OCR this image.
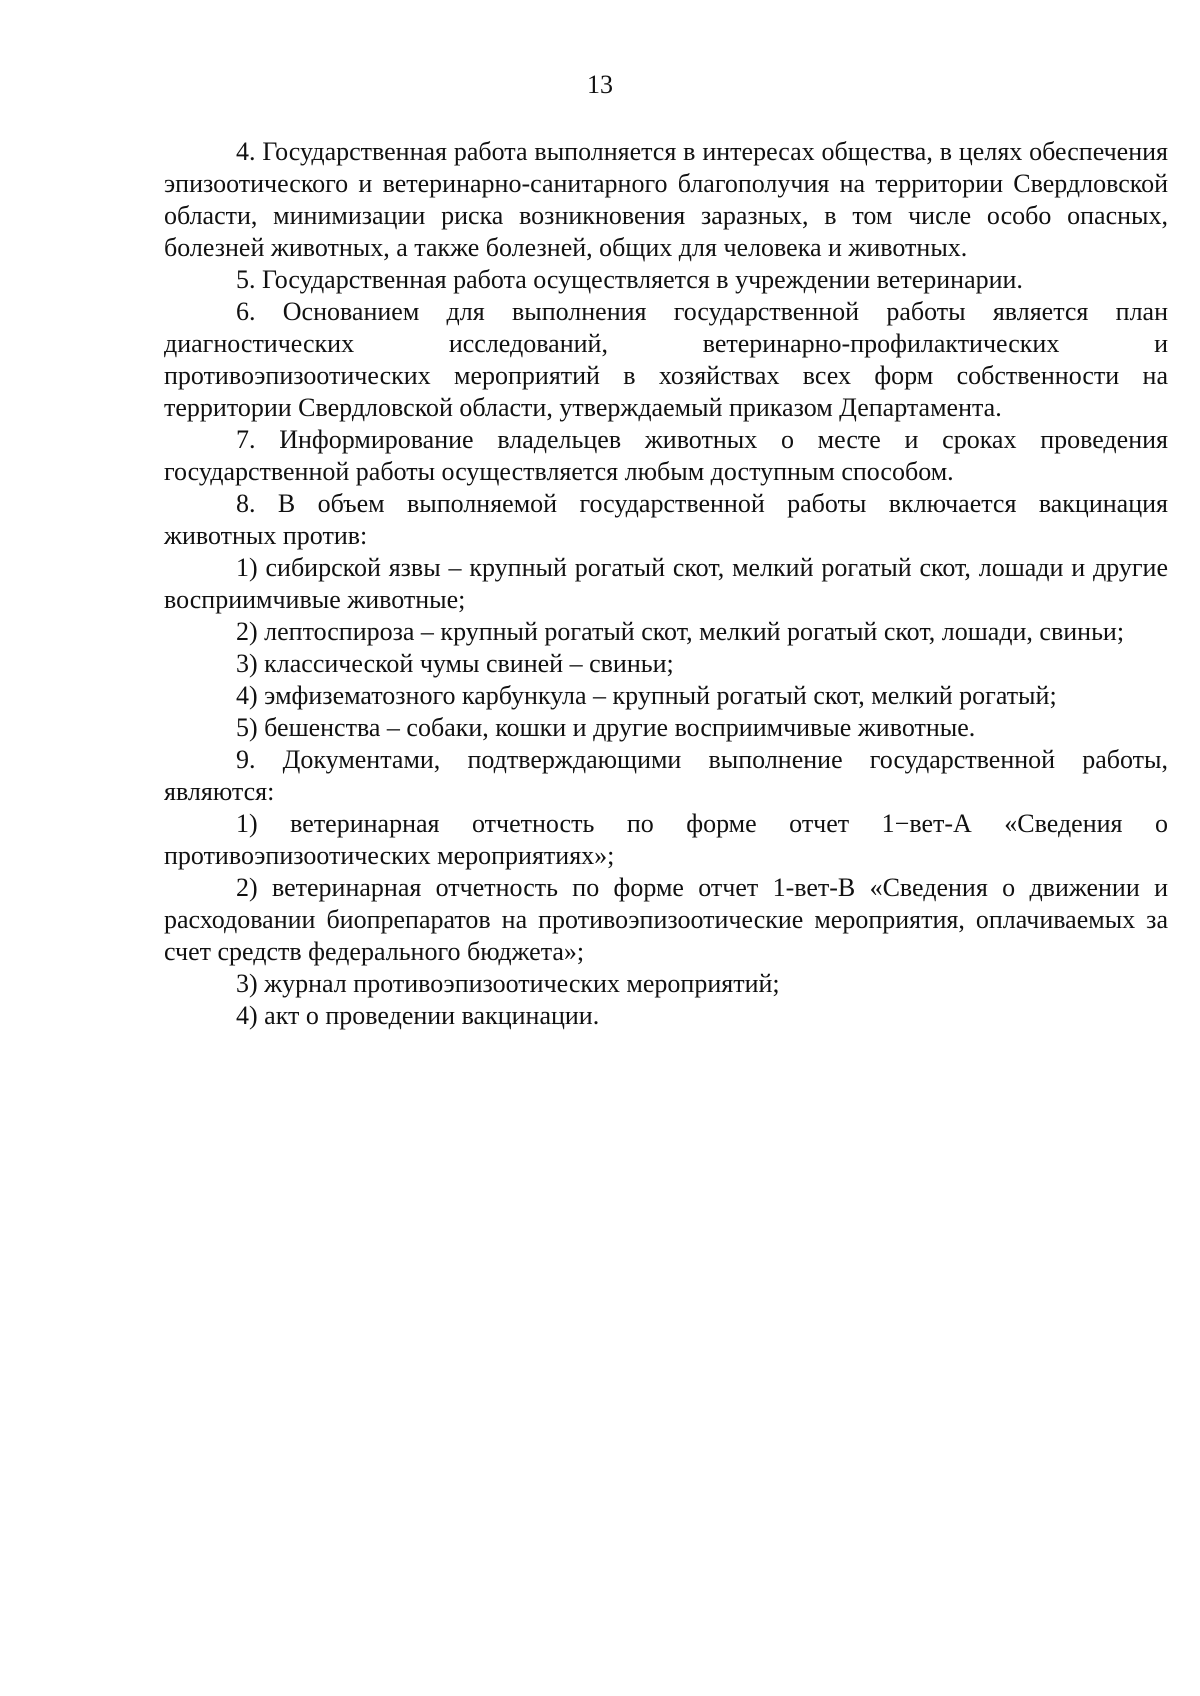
13

4. Государственная работа выполняется в интересах общества, в целях обеспечения эпизоотического и ветеринарно-санитарного благополучия на территории Свердловской области, минимизации риска возникновения заразных, в том числе особо опасных, болезней животных, а также болезней, общих для человека и животных.

5. Государственная работа осуществляется в учреждении ветеринарии.

6. Основанием для выполнения государственной работы является план диагностических исследований, ветеринарно-профилактических и противоэпизоотических мероприятий в хозяйствах всех форм собственности на территории Свердловской области, утверждаемый приказом Департамента.

7. Информирование владельцев животных о месте и сроках проведения государственной работы осуществляется любым доступным способом.

8. В объем выполняемой государственной работы включается вакцинация животных против:

1) сибирской язвы – крупный рогатый скот, мелкий рогатый скот, лошади и другие восприимчивые животные;

2) лептоспироза – крупный рогатый скот, мелкий рогатый скот, лошади, свиньи;

3) классической чумы свиней – свиньи;

4) эмфизематозного карбункула – крупный рогатый скот, мелкий рогатый;

5) бешенства – собаки, кошки и другие восприимчивые животные.

9. Документами, подтверждающими выполнение государственной работы, являются:

1) ветеринарная отчетность по форме отчет 1−вет-А «Сведения о противоэпизоотических мероприятиях»;

2) ветеринарная отчетность по форме отчет 1-вет-В «Сведения о движении и расходовании биопрепаратов на противоэпизоотические мероприятия, оплачиваемых за счет средств федерального бюджета»;

3) журнал противоэпизоотических мероприятий;

4) акт о проведении вакцинации.
